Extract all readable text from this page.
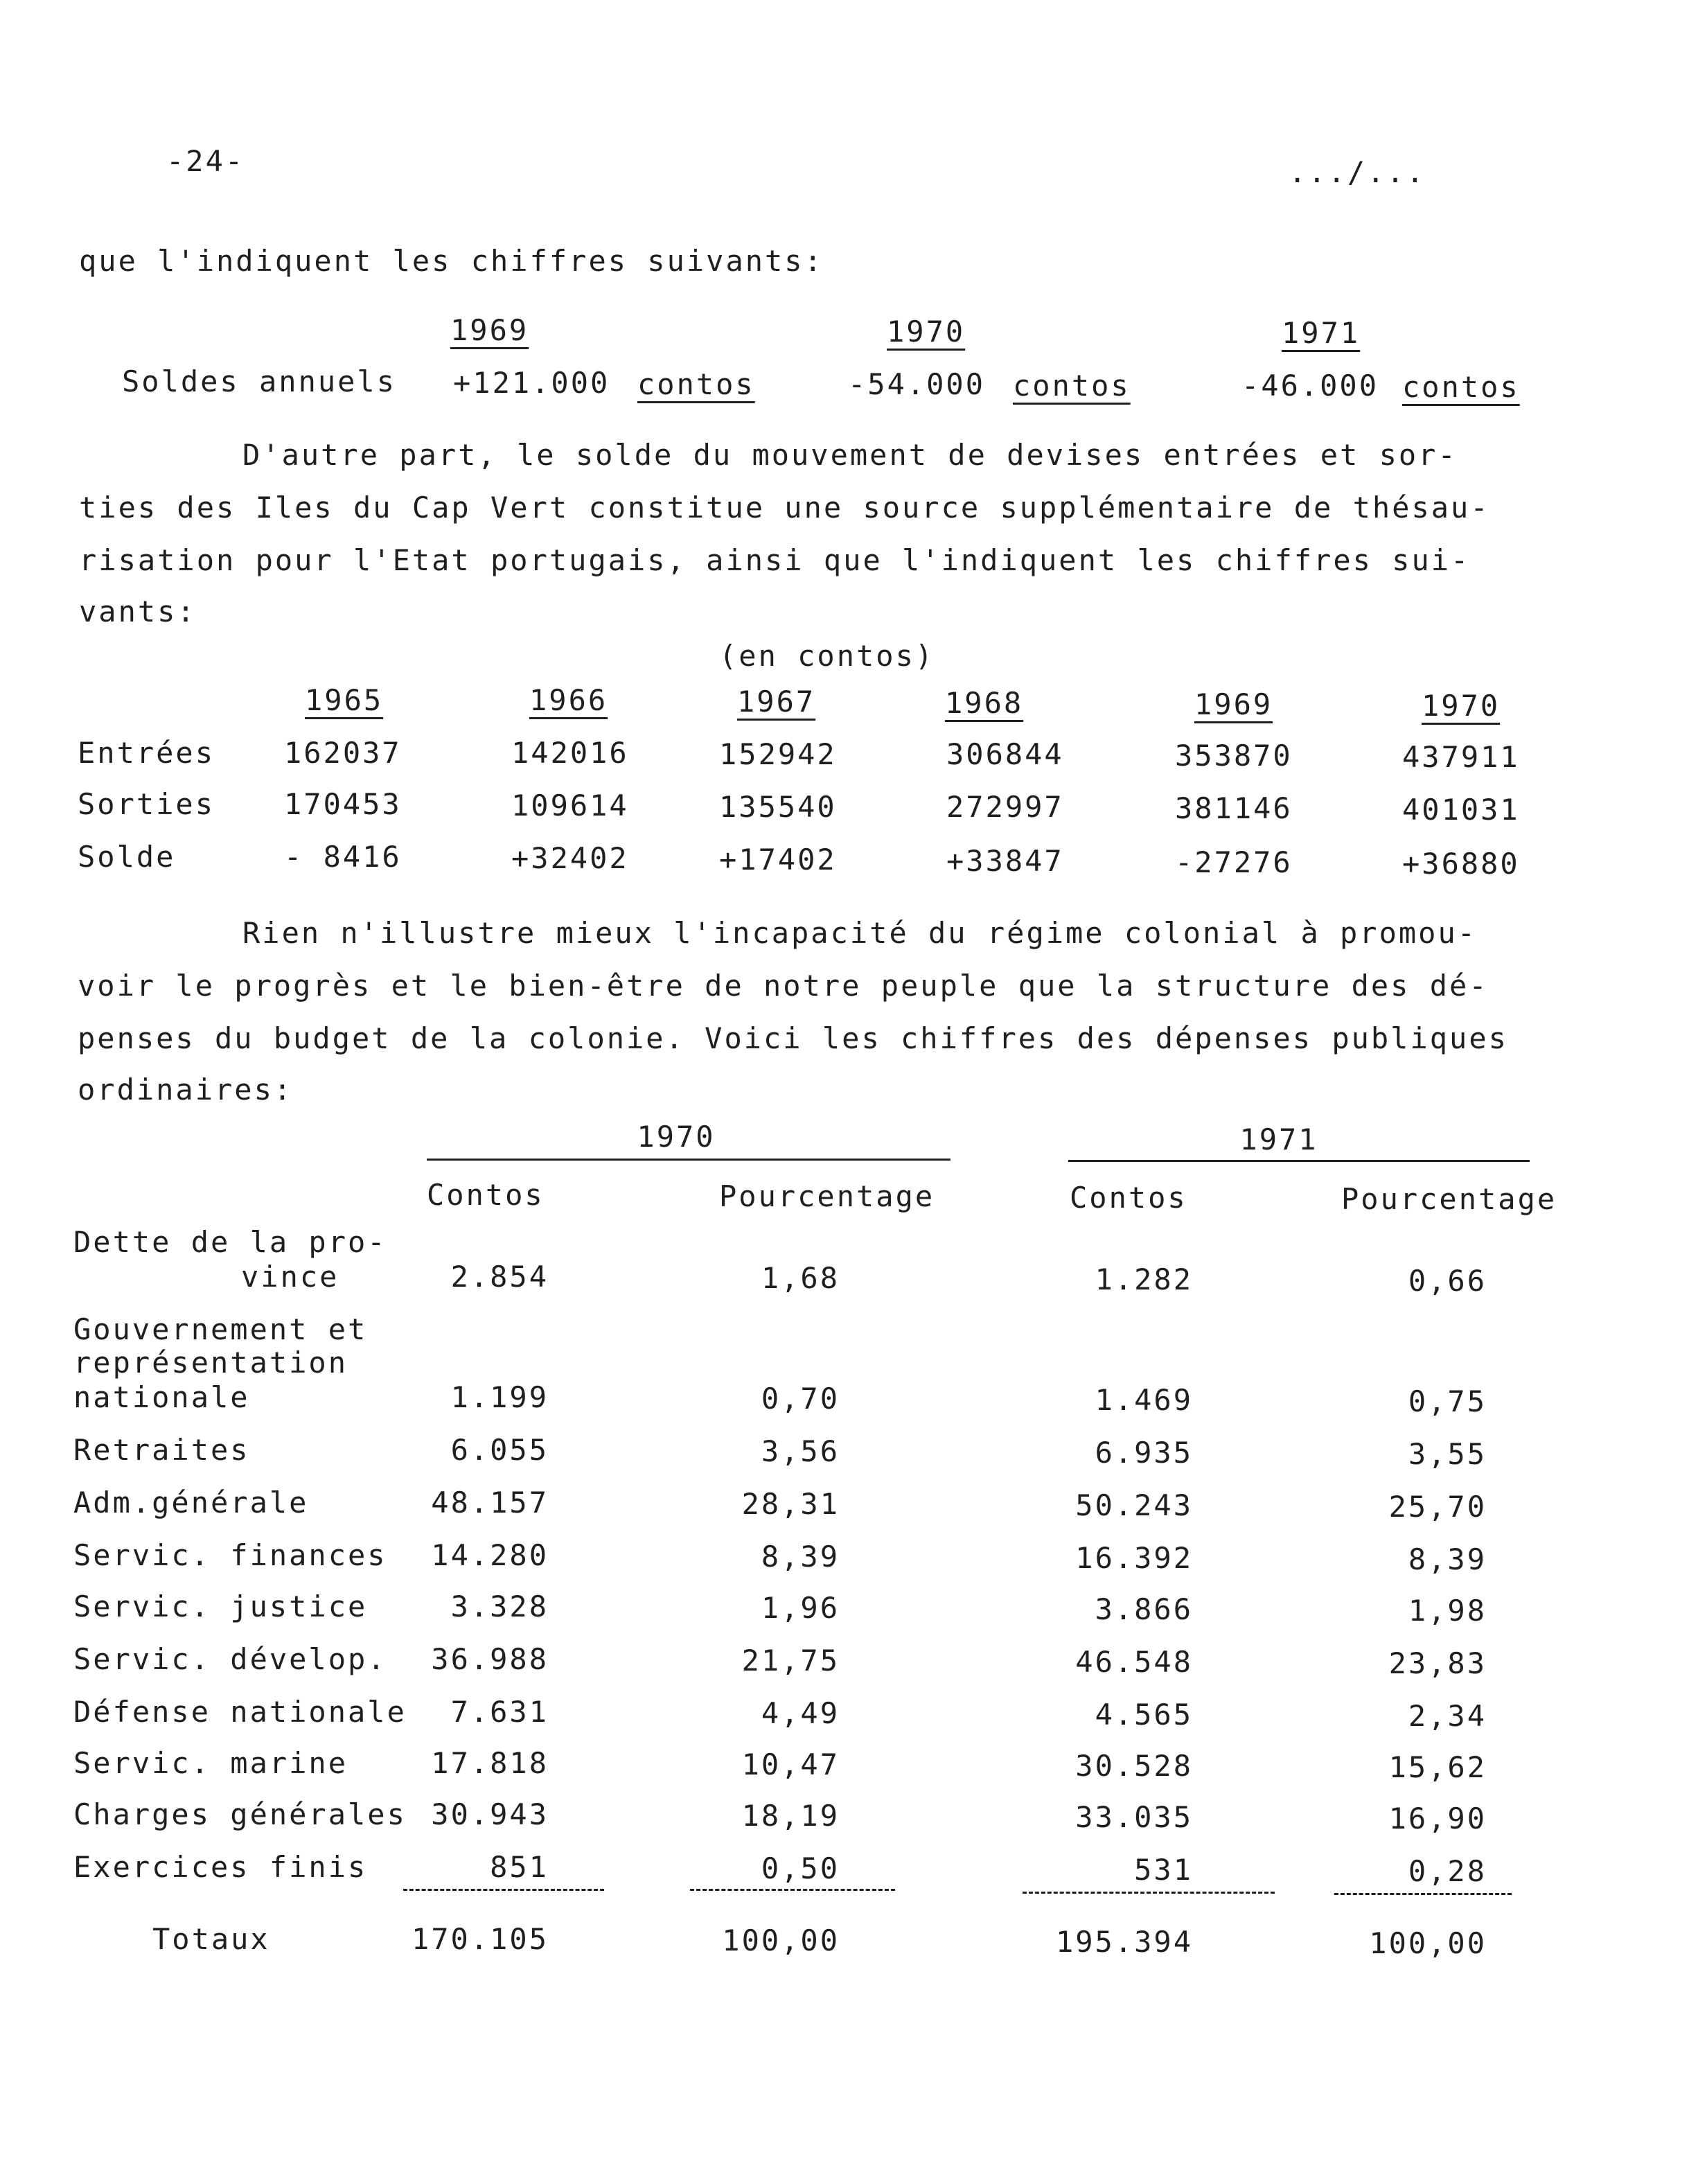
-24-	.../...
que l'indiquent les chiffres suivants:
1969	1970	1971
Soldes annuels +121.000 contos	-54.000 contos	-46.000 contos
D'autre part, le solde du mouvement de devises entrées et sor-
ties des Iles du Cap Vert constitue une source supplémentaire de thésau-
risation pour l'Etat portugais, ainsi que l'indiquent les chiffres sui-
vants:
(en contos)
1965	1966	1967	1968	1969	1970
Entrées 162037	142016	152942	306844	353870	437911
Sorties 170453	109614	135540	272997	381146	401031
Solde	- 8416	+32402	+17402	+33847	-27276	+36880
Rien n'illustre mieux l'incapacité du régime colonial à promou-
voir le progrès et le bien-être de notre peuple que la structure des dé-
penses du budget de la colonie. Voici les chiffres des dépenses publiques
ordinaires:
1970	1971
Contos	Pourcentage	Contos	Pourcentage
Dette de la pro-
vince	2.854	1,68	1.282	0,66
Gouvernement et
représentation
nationale	1.199	0,70	1.469	0,75
Retraites	6.055	3,56	6.935	3,55
Adm.générale	48.157	28,31	50.243	25,70
Servic. finances 14.280	8,39	16.392	8,39
Servic. justice	3.328	1,96	3.866	1,98
Servic. dévelop. 36.988	21,75	46.548	23,83
Défense nationale 7.631	4,49	4.565	2,34
Servic. marine	17.818	10,47	30.528	15,62
Charges générales 30.943	18,19	33.035	16,90
Exercices finis	851	0,50	531	0,28
Totaux	170.105	100,00	195.394	100,00
